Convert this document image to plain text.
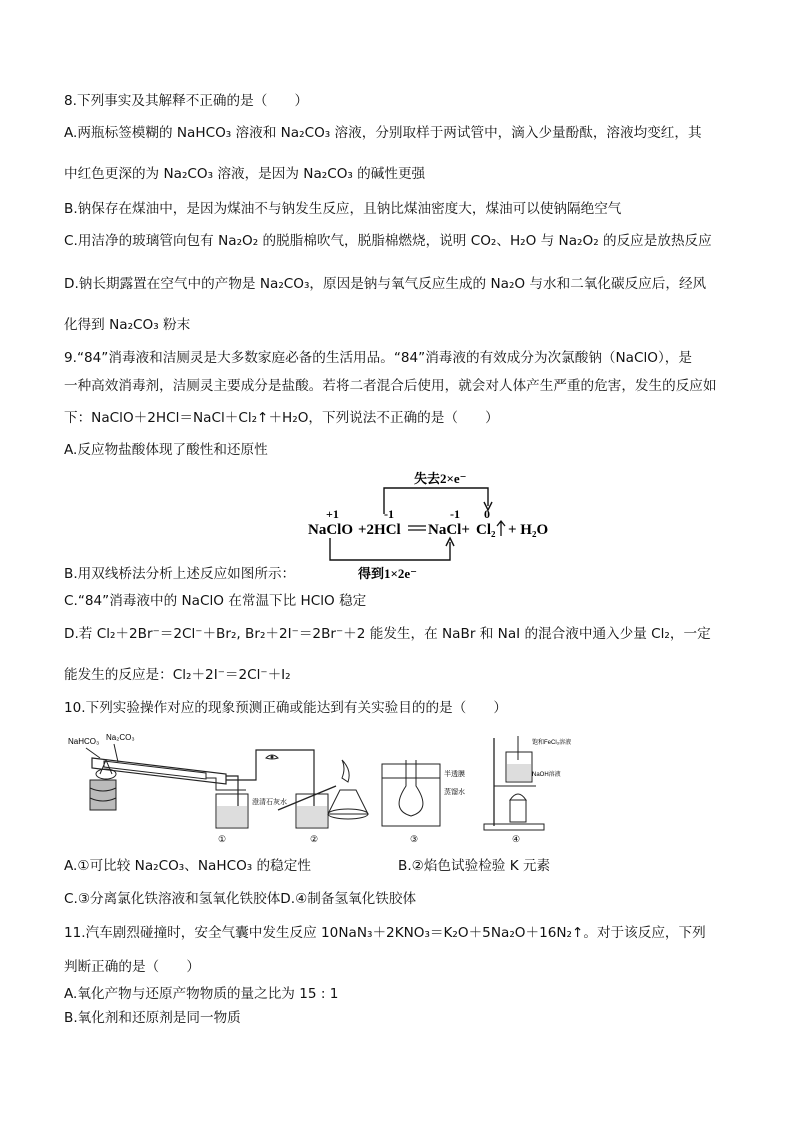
8.下列事实及其解释不正确的是（　　）
A.两瓶标签模糊的 NaHCO₃ 溶液和 Na₂CO₃ 溶液，分别取样于两试管中，滴入少量酚酞，溶液均变红，其
中红色更深的为 Na₂CO₃ 溶液，是因为 Na₂CO₃ 的碱性更强
B.钠保存在煤油中，是因为煤油不与钠发生反应，且钠比煤油密度大，煤油可以使钠隔绝空气
C.用洁净的玻璃管向包有 Na₂O₂ 的脱脂棉吹气，脱脂棉燃烧，说明 CO₂、H₂O 与 Na₂O₂ 的反应是放热反应
D.钠长期露置在空气中的产物是 Na₂CO₃，原因是钠与氧气反应生成的 Na₂O 与水和二氧化碳反应后，经风
化得到 Na₂CO₃ 粉末
9.“84”消毒液和洁厕灵是大多数家庭必备的生活用品。“84”消毒液的有效成分为次氯酸钠（NaClO），是
一种高效消毒剂，洁厕灵主要成分是盐酸。若将二者混合后使用，就会对人体产生严重的危害，发生的反应如
下：NaClO＋2HCl＝NaCl＋Cl₂↑＋H₂O，下列说法不正确的是（　　）
A.反应物盐酸体现了酸性和还原性
NaClO +2HCl NaCl+ Cl₂ + H₂O
+1	-1	-1 0
失去2×e⁻
得到1×2e⁻
B.用双线桥法分析上述反应如图所示：
C.“84”消毒液中的 NaClO 在常温下比 HClO 稳定
D.若 Cl₂＋2Br⁻＝2Cl⁻＋Br₂, Br₂＋2I⁻＝2Br⁻＋2 能发生，在 NaBr 和 NaI 的混合液中通入少量 Cl₂，一定
能发生的反应是：Cl₂＋2I⁻＝2Cl⁻＋I₂
10.下列实验操作对应的现象预测正确或能达到有关实验目的的是（　　）
NaHCO₃ Na₂CO₃
澄清石灰水
①	②
半透膜
蒸馏水
③
饱和FeCl₃溶液
NaOH溶液
④
A.①可比较 Na₂CO₃、NaHCO₃ 的稳定性	B.②焰色试验检验 K 元素
C.③分离氯化铁溶液和氢氧化铁胶体D.④制备氢氧化铁胶体
11.汽车剧烈碰撞时，安全气囊中发生反应 10NaN₃＋2KNO₃＝K₂O＋5Na₂O＋16N₂↑。对于该反应，下列
判断正确的是（　　）
A.氧化产物与还原产物物质的量之比为 15 : 1
B.氧化剂和还原剂是同一物质
